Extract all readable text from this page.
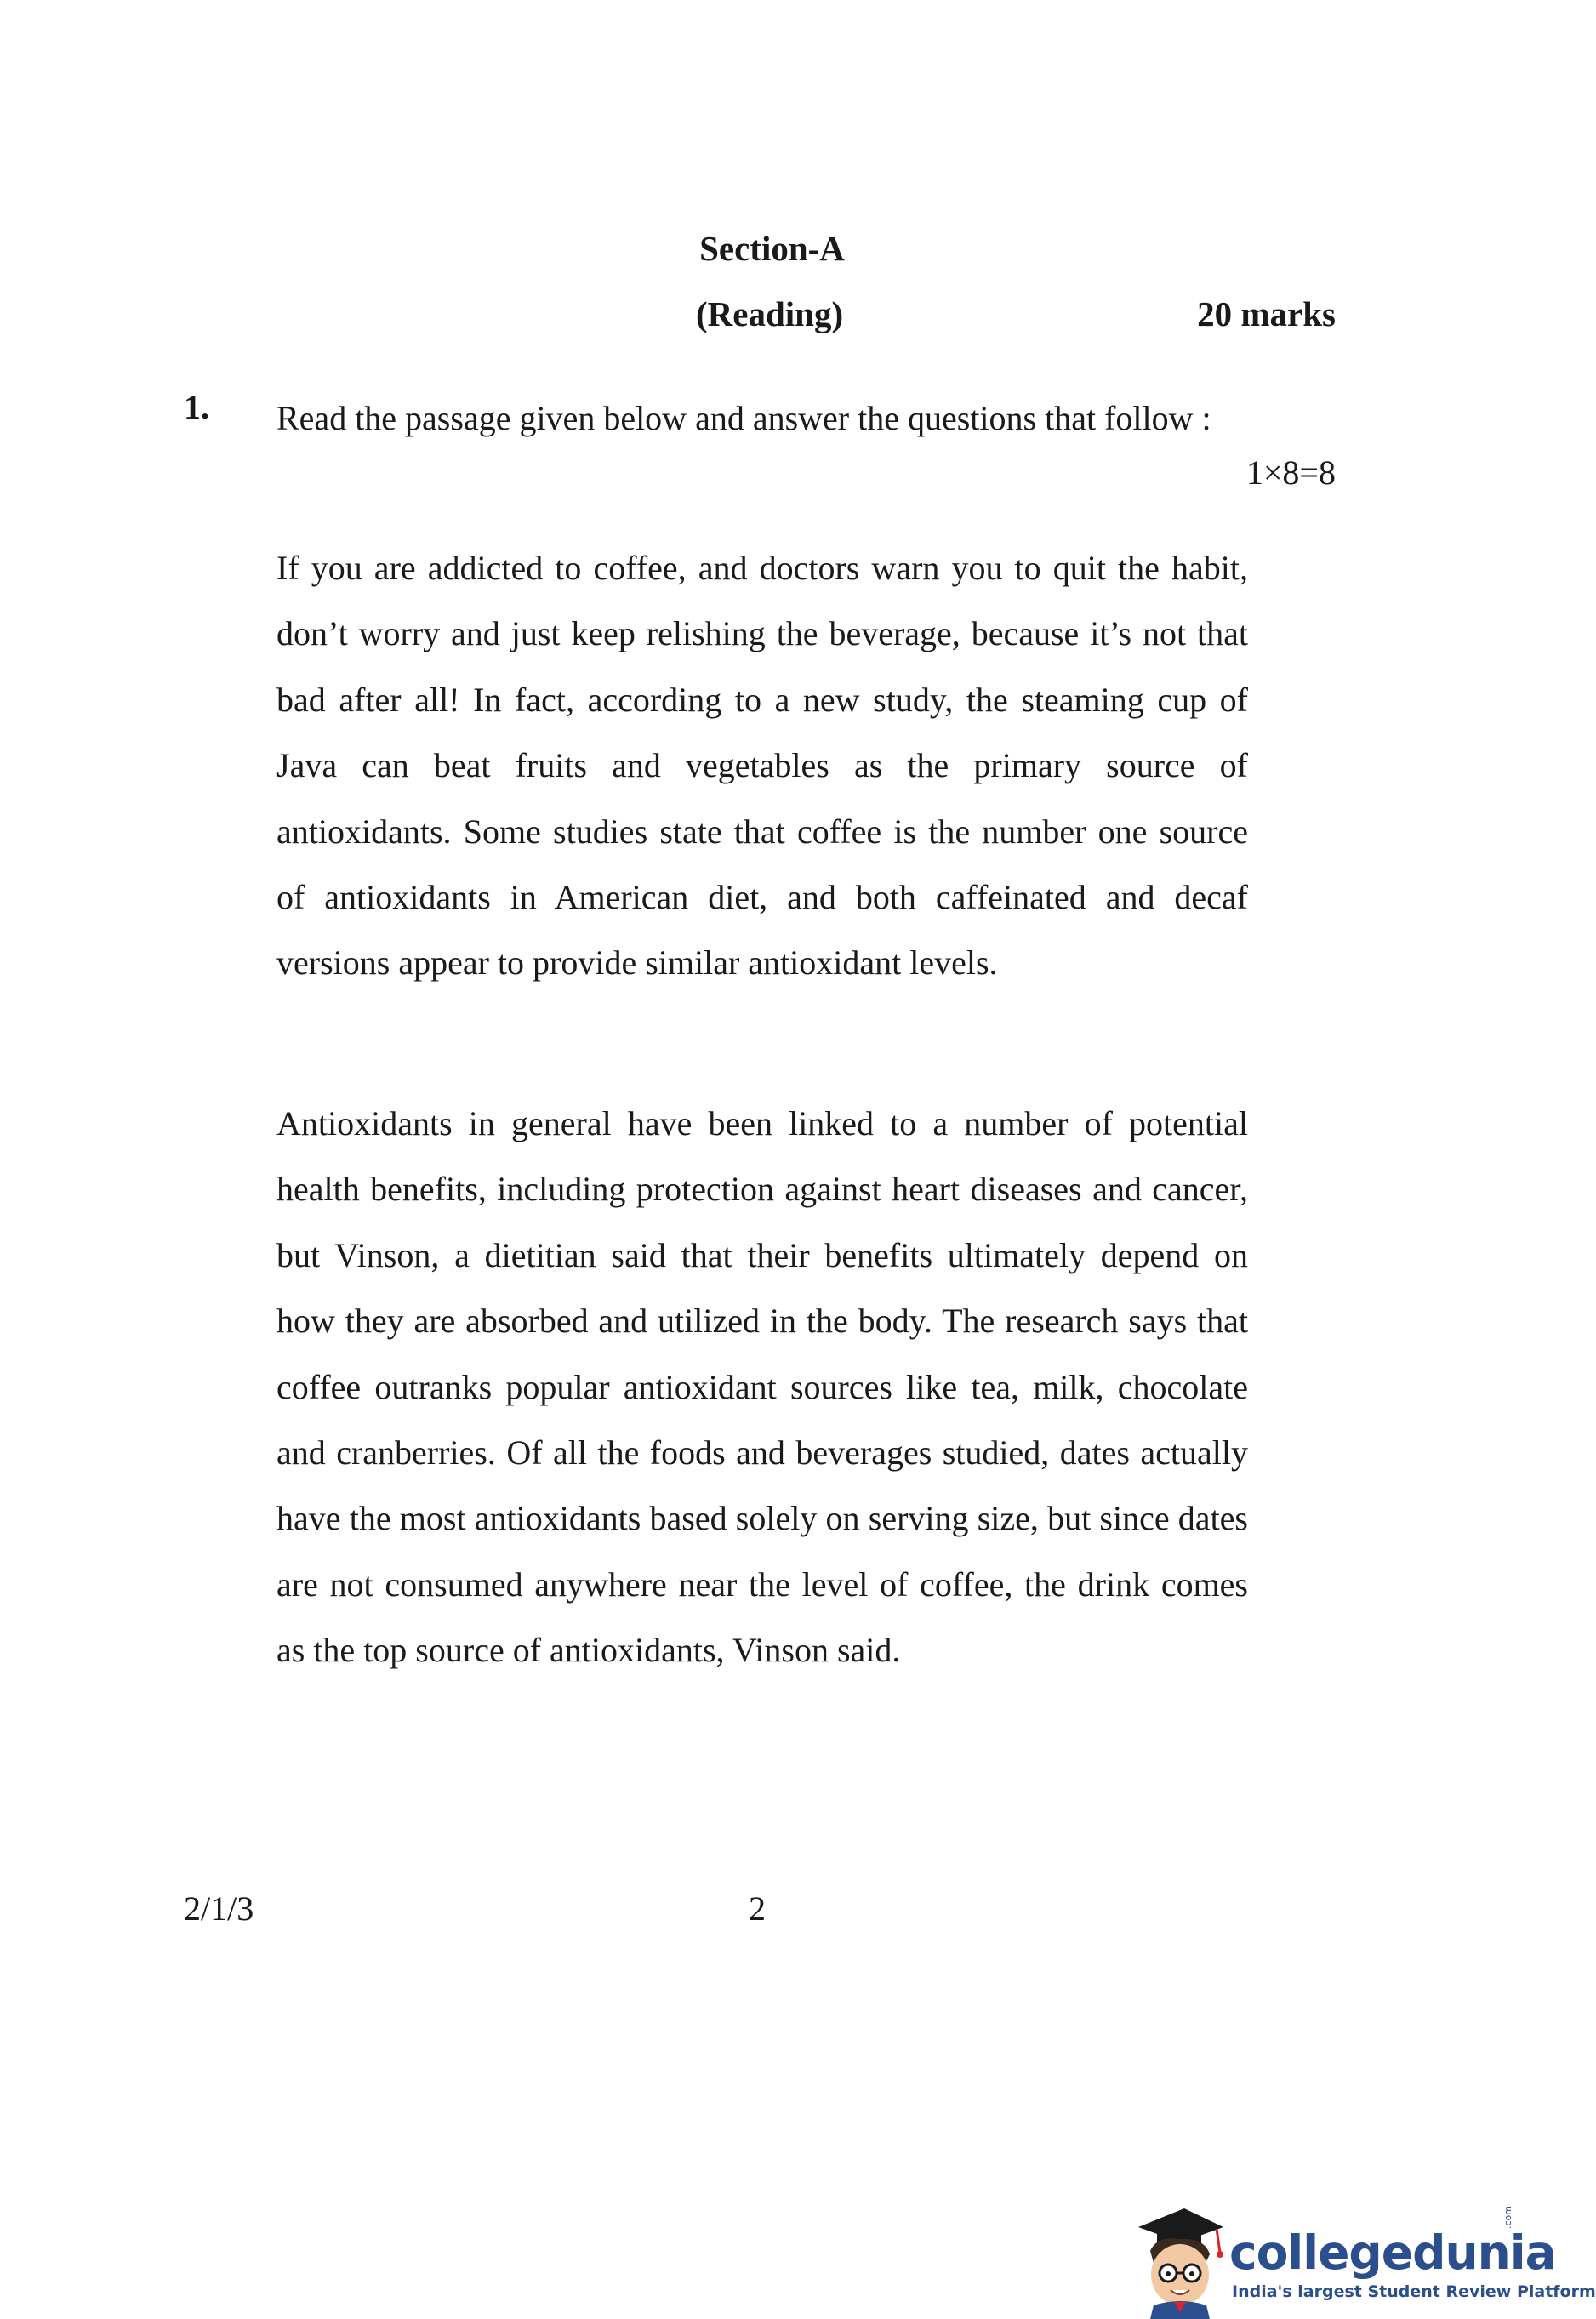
Section-A
(Reading)	20 marks
1. Read the passage given below and answer the questions that follow :
1×8=8

If you are addicted to coffee, and doctors warn you to quit the habit, don’t worry and just keep relishing the beverage, because it’s not that bad after all! In fact, according to a new study, the steaming cup of Java can beat fruits and vegetables as the primary source of antioxidants. Some studies state that coffee is the number one source of antioxidants in American diet, and both caffeinated and decaf versions appear to provide similar antioxidant levels.

Antioxidants in general have been linked to a number of potential health benefits, including protection against heart diseases and cancer, but Vinson, a dietitian said that their benefits ultimately depend on how they are absorbed and utilized in the body. The research says that coffee outranks popular antioxidant sources like tea, milk, chocolate and cranberries. Of all the foods and beverages studied, dates actually have the most antioxidants based solely on serving size, but since dates are not consumed anywhere near the level of coffee, the drink comes as the top source of antioxidants, Vinson said.

2/1/3	2
collegedunia
.com
India's largest Student Review Platform
